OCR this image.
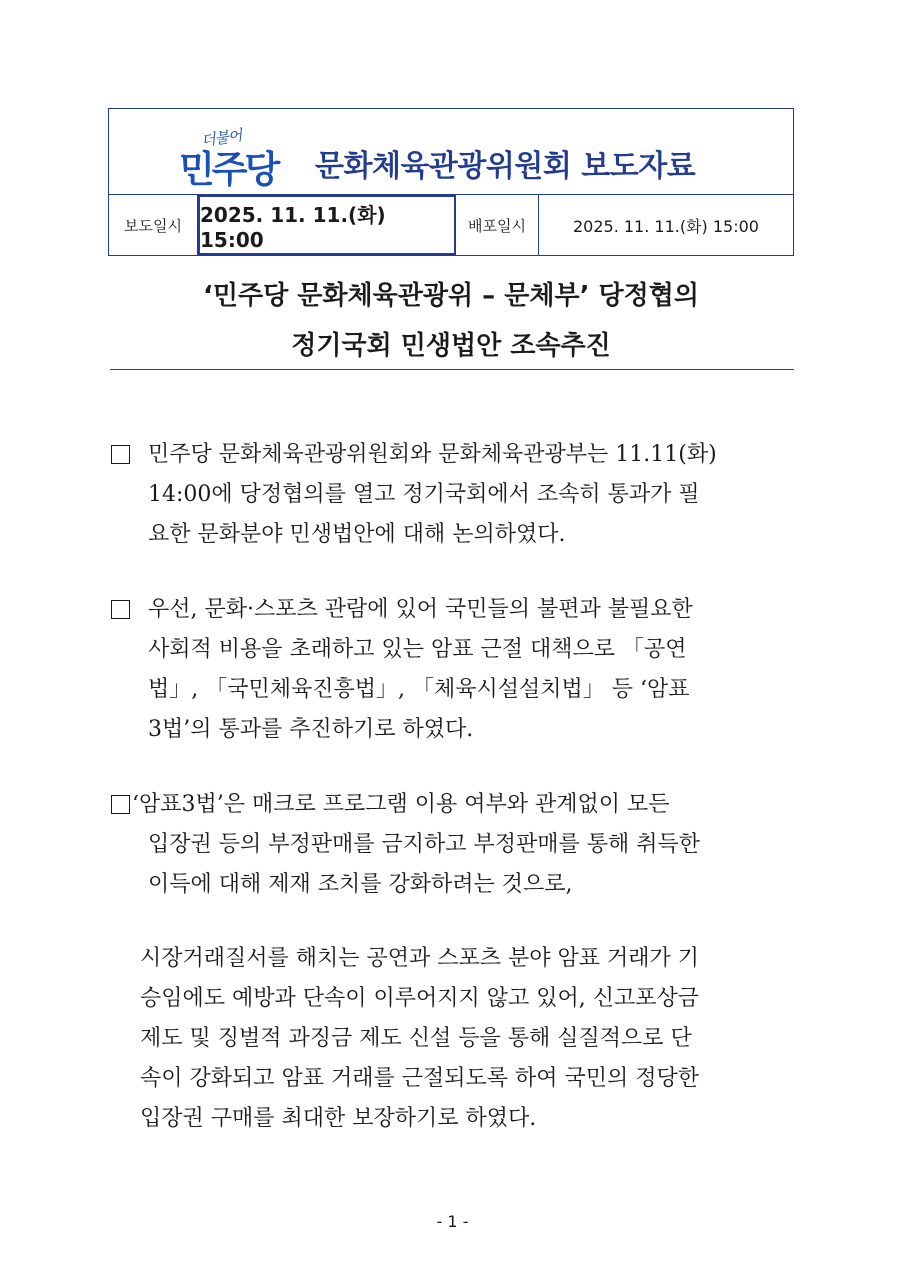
더불어
민주당 문화체육관광위원회 보도자료
보도일시 2025. 11. 11.(화) 15:00
배포일시	2025. 11. 11.(화) 15:00
‘민주당 문화체육관광위 – 문체부’ 당정협의
정기국회 민생법안 조속추진
민주당 문화체육관광위원회와 문화체육관광부는 11.11(화)
14:00에 당정협의를 열고 정기국회에서 조속히 통과가 필
요한 문화분야 민생법안에 대해 논의하였다.
우선, 문화·스포츠 관람에 있어 국민들의 불편과 불필요한
사회적 비용을 초래하고 있는 암표 근절 대책으로 「공연
법」, 「국민체육진흥법」, 「체육시설설치법」 등 ‘암표
3법’의 통과를 추진하기로 하였다.
‘암표3법’은 매크로 프로그램 이용 여부와 관계없이 모든
입장권 등의 부정판매를 금지하고 부정판매를 통해 취득한
이득에 대해 제재 조치를 강화하려는 것으로,
시장거래질서를 해치는 공연과 스포츠 분야 암표 거래가 기
승임에도 예방과 단속이 이루어지지 않고 있어, 신고포상금
제도 및 징벌적 과징금 제도 신설 등을 통해 실질적으로 단
속이 강화되고 암표 거래를 근절되도록 하여 국민의 정당한
입장권 구매를 최대한 보장하기로 하였다.
- 1 -
